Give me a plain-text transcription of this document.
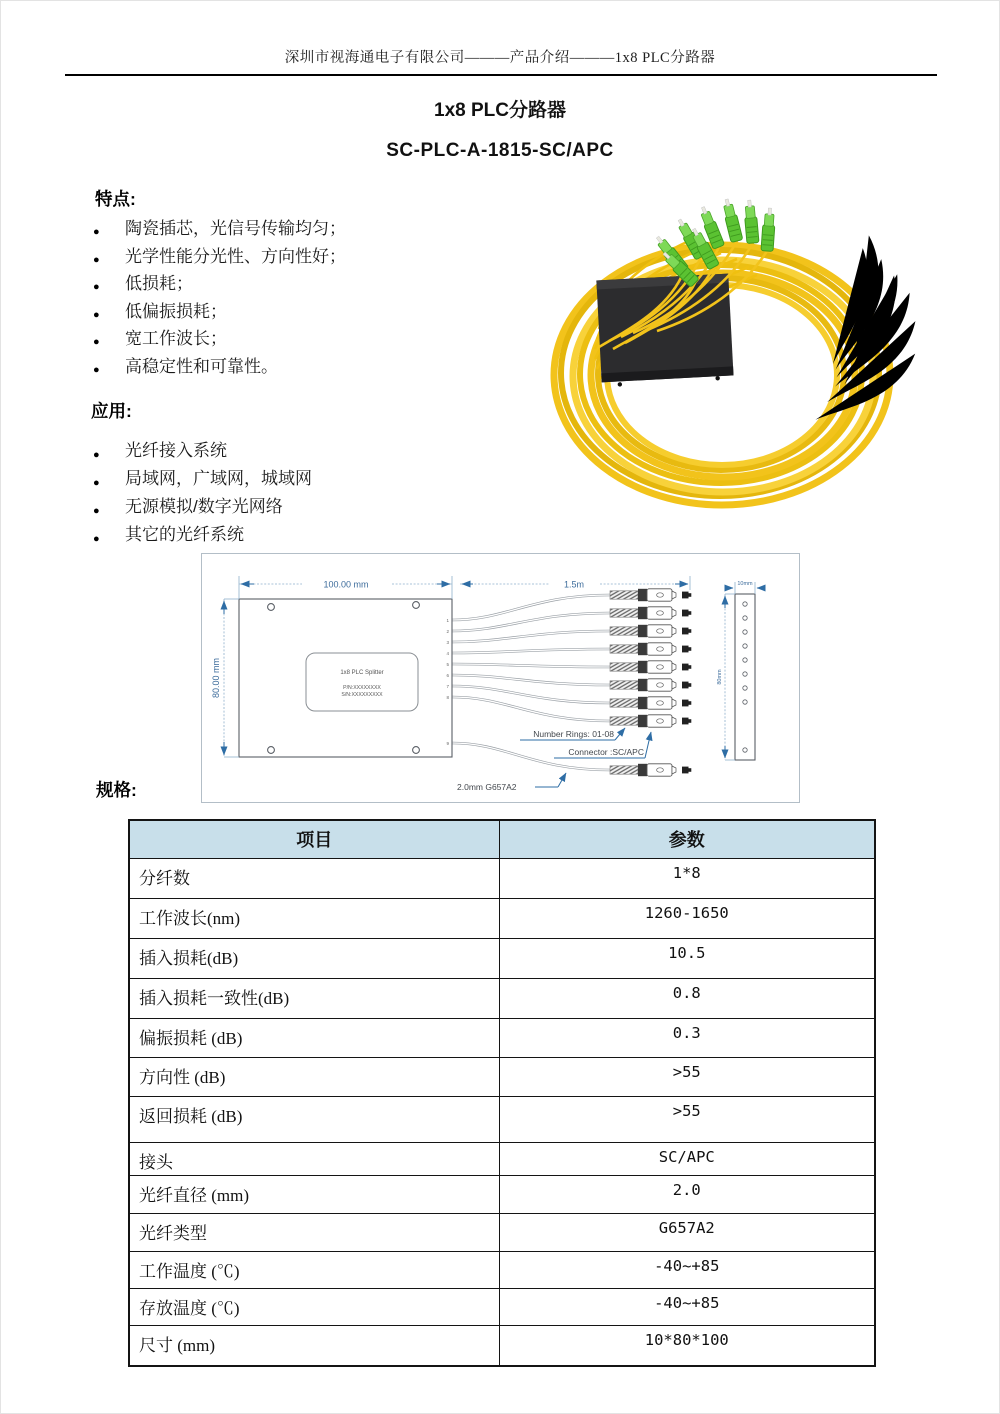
深圳市视海通电子有限公司———产品介绍———1x8 PLC分路器
1x8 PLC分路器
SC-PLC-A-1815-SC/APC
特点:
●	陶瓷插芯，光信号传输均匀；
●	光学性能分光性、方向性好；
●	低损耗；
●	低偏振损耗；
●	宽工作波长；
●	高稳定性和可靠性。
应用:
●	光纤接入系统
●	局域网，广域网，城域网
●	无源模拟/数字光网络
●	其它的光纤系统
1x8 PLC Splitter
P/N:XXXXXXXX
S/N:XXXXXXXXX
1
2
3
4
5
6
7
8
9
100.00 mm	1.5m
80.00 mm
10mm
80mm
Number Rings: 01-08
Connector :SC/APC
2.0mm G657A2
规格:
项目	参数
分纤数	1*8
工作波长(nm)	1260-1650
插入损耗(dB)	10.5
插入损耗一致性(dB)	0.8
偏振损耗 (dB)	0.3
方向性 (dB)	>55
返回损耗 (dB)	>55
接头	SC/APC
光纤直径 (mm)	2.0
光纤类型	G657A2
工作温度 (℃)	-40~+85
存放温度 (℃)	-40~+85
尺寸 (mm)	10*80*100
